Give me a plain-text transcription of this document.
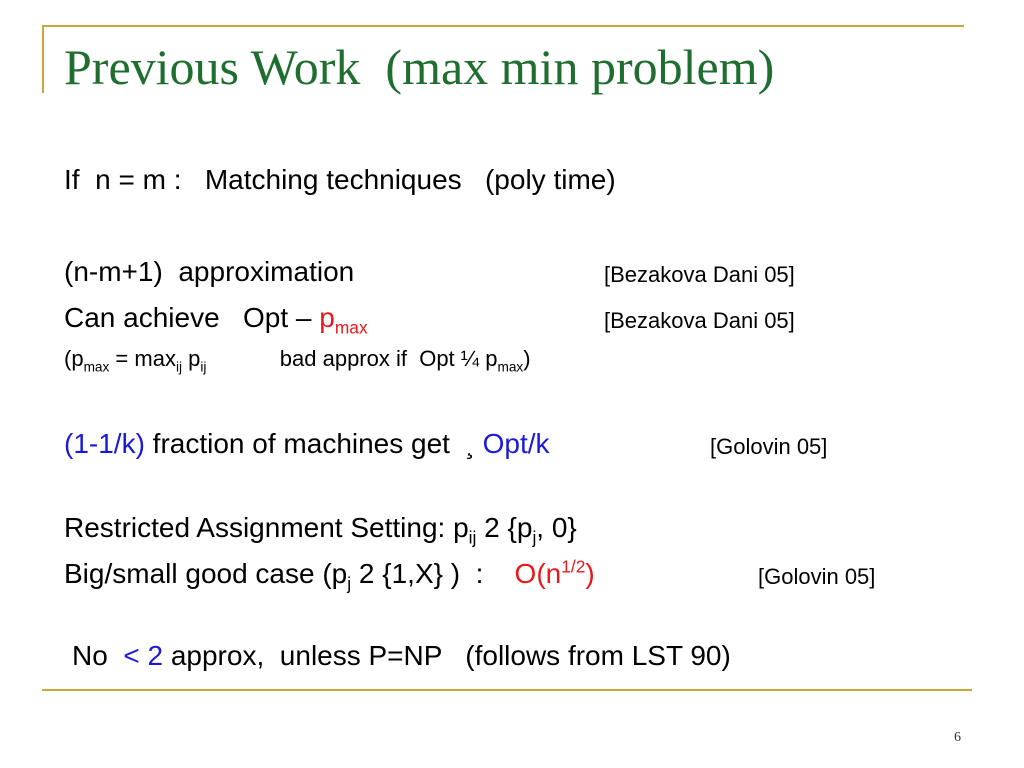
Previous Work  (max min problem)
If  n = m :   Matching techniques   (poly time)
(n-m+1)  approximation	[Bezakova Dani 05]
Can achieve   Opt – $p_{max}$	[Bezakova Dani 05]
($p_{max} = \max_{ij} p_{ij}$            bad approx if  Opt ¼ $p_{max}$)
(1-1/k) fraction of machines get  ¸ Opt/k	[Golovin 05]
Restricted Assignment Setting: $p_{ij}$ 2 {$p_j$, 0}
Big/small good case ($p_j$ 2 {1,X} )  :    $O(n^{1/2})$	[Golovin 05]
No  < 2 approx,  unless P=NP   (follows from LST 90)
6
